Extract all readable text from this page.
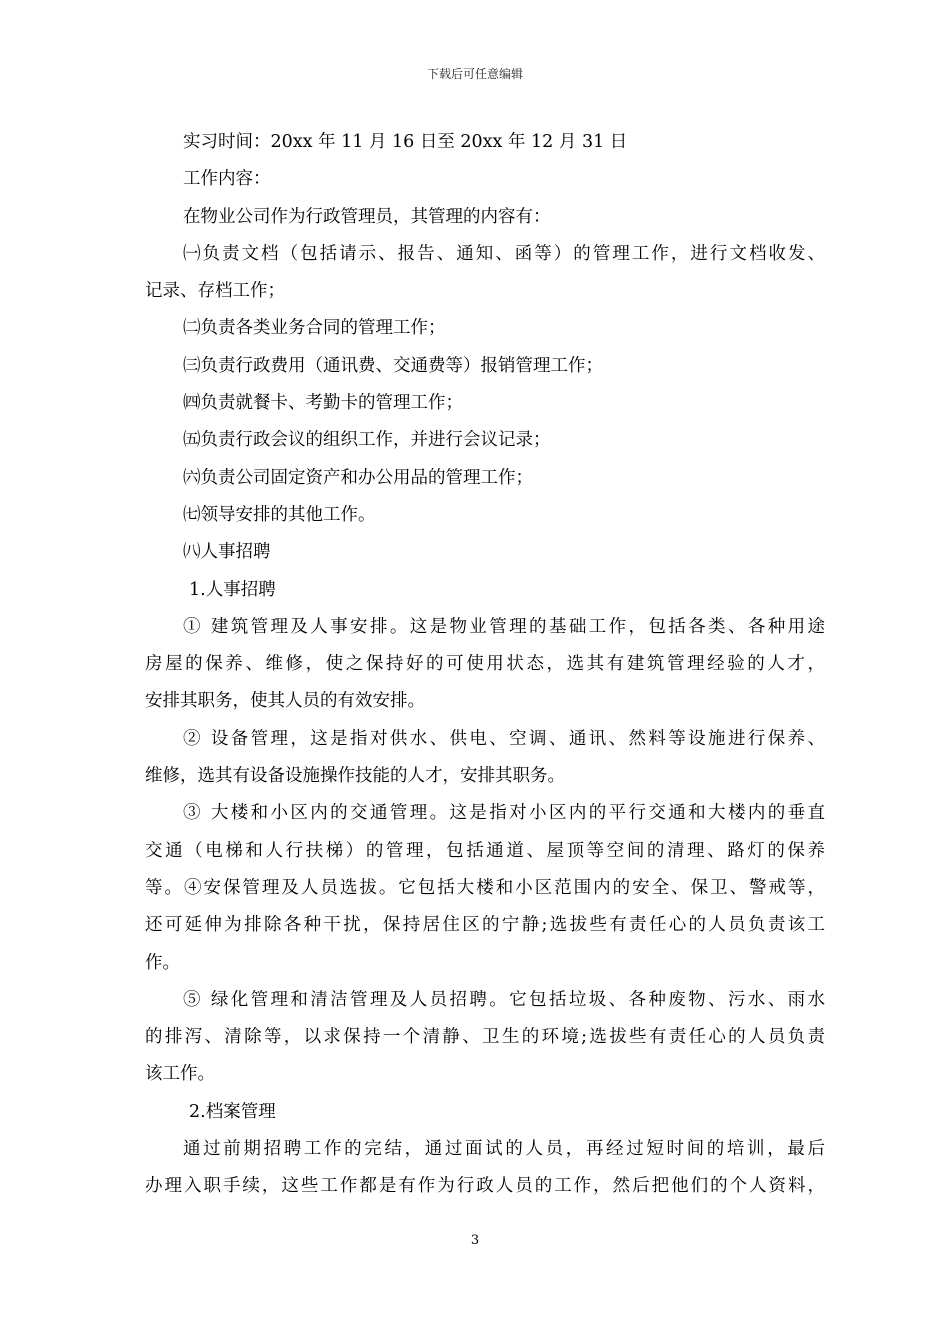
下载后可任意编辑
实习时间：20xx 年 11 月 16 日至 20xx 年 12 月 31 日
工作内容：
在物业公司作为行政管理员，其管理的内容有：
㈠负责文档（包括请示、报告、通知、函等）的管理工作，进行文档收发、
记录、存档工作；
㈡负责各类业务合同的管理工作；
㈢负责行政费用（通讯费、交通费等）报销管理工作；
㈣负责就餐卡、考勤卡的管理工作；
㈤负责行政会议的组织工作，并进行会议记录；
㈥负责公司固定资产和办公用品的管理工作；
㈦领导安排的其他工作。
㈧人事招聘
1.人事招聘
① 建筑管理及人事安排。这是物业管理的基础工作，包括各类、各种用途
房屋的保养、维修，使之保持好的可使用状态，选其有建筑管理经验的人才，
安排其职务，使其人员的有效安排。
② 设备管理，这是指对供水、供电、空调、通讯、然料等设施进行保养、
维修，选其有设备设施操作技能的人才，安排其职务。
③ 大楼和小区内的交通管理。这是指对小区内的平行交通和大楼内的垂直
交通（电梯和人行扶梯）的管理，包括通道、屋顶等空间的清理、路灯的保养
等。④安保管理及人员选拔。它包括大楼和小区范围内的安全、保卫、警戒等，
还可延伸为排除各种干扰，保持居住区的宁静;选拔些有责任心的人员负责该工
作。
⑤ 绿化管理和清洁管理及人员招聘。它包括垃圾、各种废物、污水、雨水
的排泻、清除等，以求保持一个清静、卫生的环境;选拔些有责任心的人员负责
该工作。
2.档案管理
通过前期招聘工作的完结，通过面试的人员，再经过短时间的培训，最后
办理入职手续，这些工作都是有作为行政人员的工作，然后把他们的个人资料，
3
